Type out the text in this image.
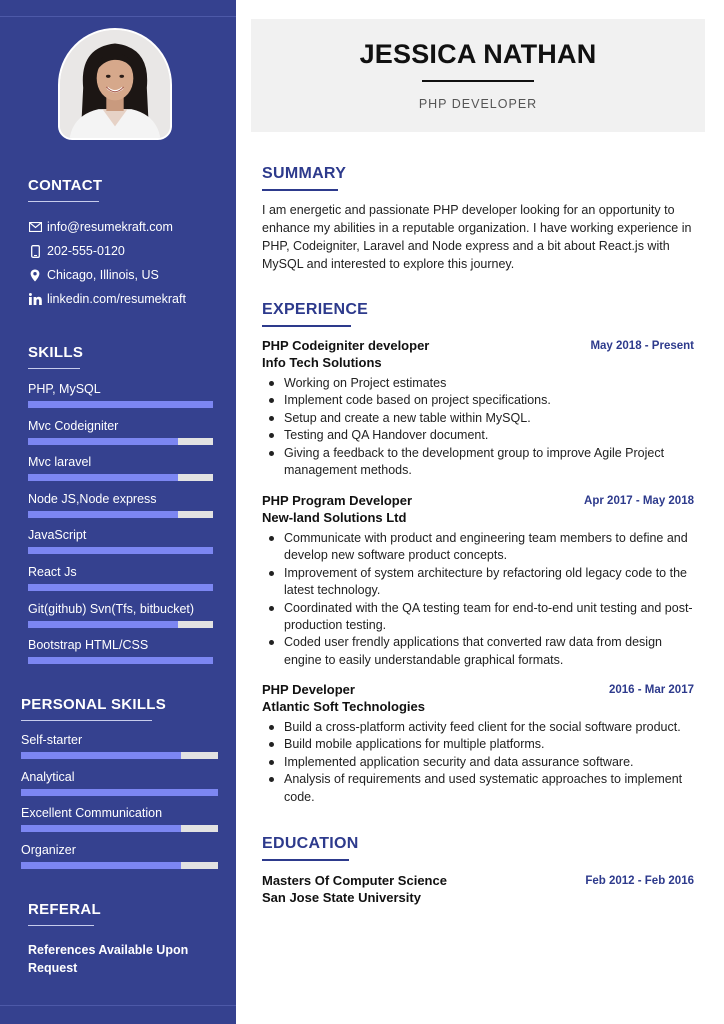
CONTACT
info@resumekraft.com
202-555-0120
Chicago, Illinois, US
linkedin.com/resumekraft
SKILLS
PHP, MySQL
Mvc Codeigniter
Mvc laravel
Node JS,Node express
JavaScript
React Js
Git(github) Svn(Tfs, bitbucket)
Bootstrap HTML/CSS
PERSONAL SKILLS
Self-starter
Analytical
Excellent Communication
Organizer
REFERAL
References Available Upon Request
JESSICA NATHAN
PHP DEVELOPER
SUMMARY

I am energetic and passionate PHP developer looking for an opportunity to enhance my abilities in a reputable organization. I have working experience in PHP, Codeigniter, Laravel and Node express and a bit about React.js with MySQL and interested to explore this journey.

EXPERIENCE
PHP Codeigniter developer	May 2018 - Present
Info Tech Solutions
Working on Project estimates
Implement code based on project specifications.
Setup and create a new table within MySQL.
Testing and QA Handover document.
Giving a feedback to the development group to improve Agile Project management methods.
PHP Program Developer	Apr 2017 - May 2018
New-land Solutions Ltd
Communicate with product and engineering team members to define and develop new software product concepts.
Improvement of system architecture by refactoring old legacy code to the latest technology.
Coordinated with the QA testing team for end-to-end unit testing and post-production testing.
Coded user frendly applications that converted raw data from design engine to easily understandable graphical formats.
PHP Developer	2016 - Mar 2017
Atlantic Soft Technologies
Build a cross-platform activity feed client for the social software product.
Build mobile applications for multiple platforms.
Implemented application security and data assurance software.
Analysis of requirements and used systematic approaches to implement code.
EDUCATION
Masters Of Computer Science	Feb 2012 - Feb 2016
San Jose State University
